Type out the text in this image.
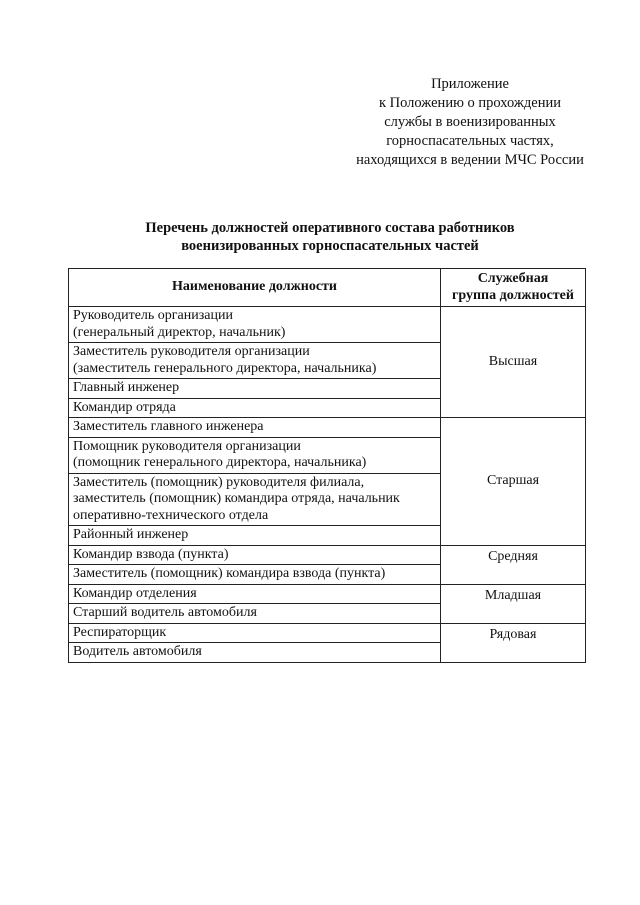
Приложение
к Положению о прохождении
службы в военизированных
горноспасательных частях,
находящихся в ведении МЧС России
Перечень должностей оперативного состава работников
военизированных горноспасательных частей
Наименование должности	Служебная
группа должностей

Руководитель организации
(генеральный директор, начальник)	Высшая

Заместитель руководителя организации
(заместитель генерального директора, начальника)	

Главный инженер	

Командир отряда	

Заместитель главного инженера	Старшая

Помощник руководителя организации
(помощник генерального директора, начальника)	

Заместитель (помощник) руководителя филиала,
заместитель (помощник) командира отряда, начальник
оперативно-технического отдела	

Районный инженер	

Командир взвода (пункта)	Средняя

Заместитель (помощник) командира взвода (пункта)	

Командир отделения	Младшая

Старший водитель автомобиля	

Респираторщик	Рядовая

Водитель автомобиля	
